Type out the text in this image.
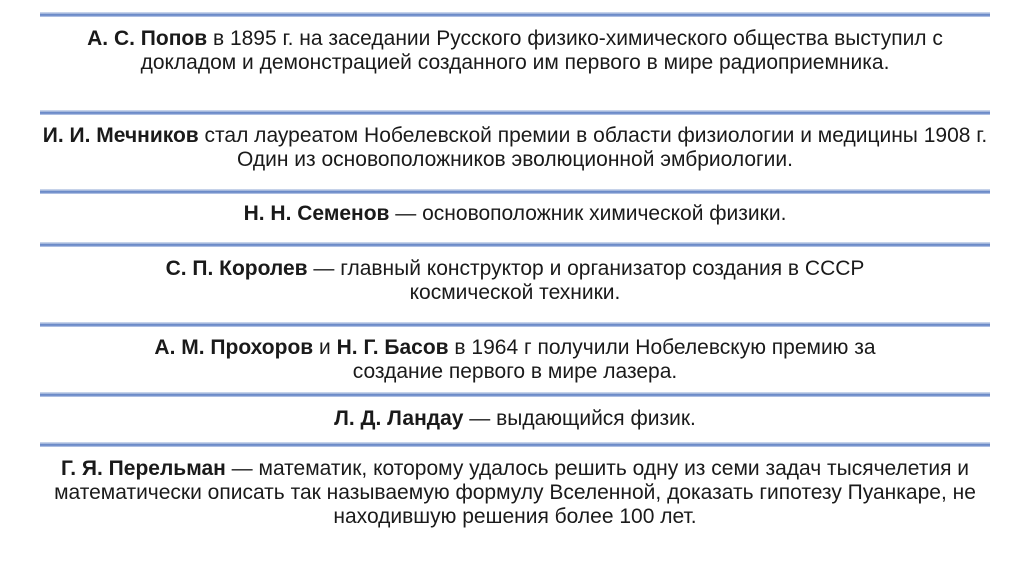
А. С. Попов в 1895 г. на заседании Русского физико-химического общества выступил с докладом и демонстрацией созданного им первого в мире радиоприемника.
И. И. Мечников стал лауреатом Нобелевской премии в области физиологии и медицины 1908 г. Один из основоположников эволюционной эмбриологии.
Н. Н. Семенов — основоположник химической физики.
С. П. Королев — главный конструктор и организатор создания в СССР космической техники.
А. М. Прохоров и Н. Г. Басов в 1964 г получили Нобелевскую премию за создание первого в мире лазера.
Л. Д. Ландау — выдающийся физик.
Г. Я. Перельман — математик, которому удалось решить одну из семи задач тысячелетия и математически описать так называемую формулу Вселенной, доказать гипотезу Пуанкаре, не находившую решения более 100 лет.
